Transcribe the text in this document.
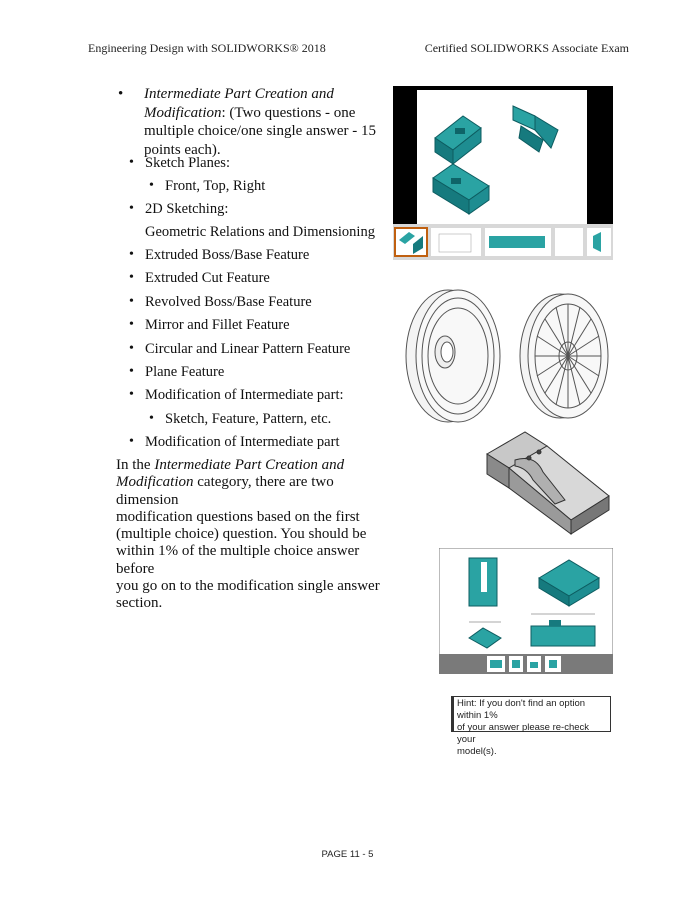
Engineering Design with SOLIDWORKS® 2018	Certified SOLIDWORKS Associate Exam
• Intermediate Part Creation and
Modification: (Two questions - one
multiple choice/one single answer - 15
points each).
• Sketch Planes:
• Front, Top, Right
• 2D Sketching:
Geometric Relations and Dimensioning
• Extruded Boss/Base Feature
• Extruded Cut Feature
• Revolved Boss/Base Feature
• Mirror and Fillet Feature
• Circular and Linear Pattern Feature
• Plane Feature
• Modification of Intermediate part:
• Sketch, Feature, Pattern, etc.
• Modification of Intermediate part
In the Intermediate Part Creation and
Modification category, there are two dimension
modification questions based on the first
(multiple choice) question. You should be
within 1% of the multiple choice answer before
you go on to the modification single answer
section.
Hint: If you don't find an option within 1%
of your answer please re-check your
model(s).
PAGE 11 - 5
